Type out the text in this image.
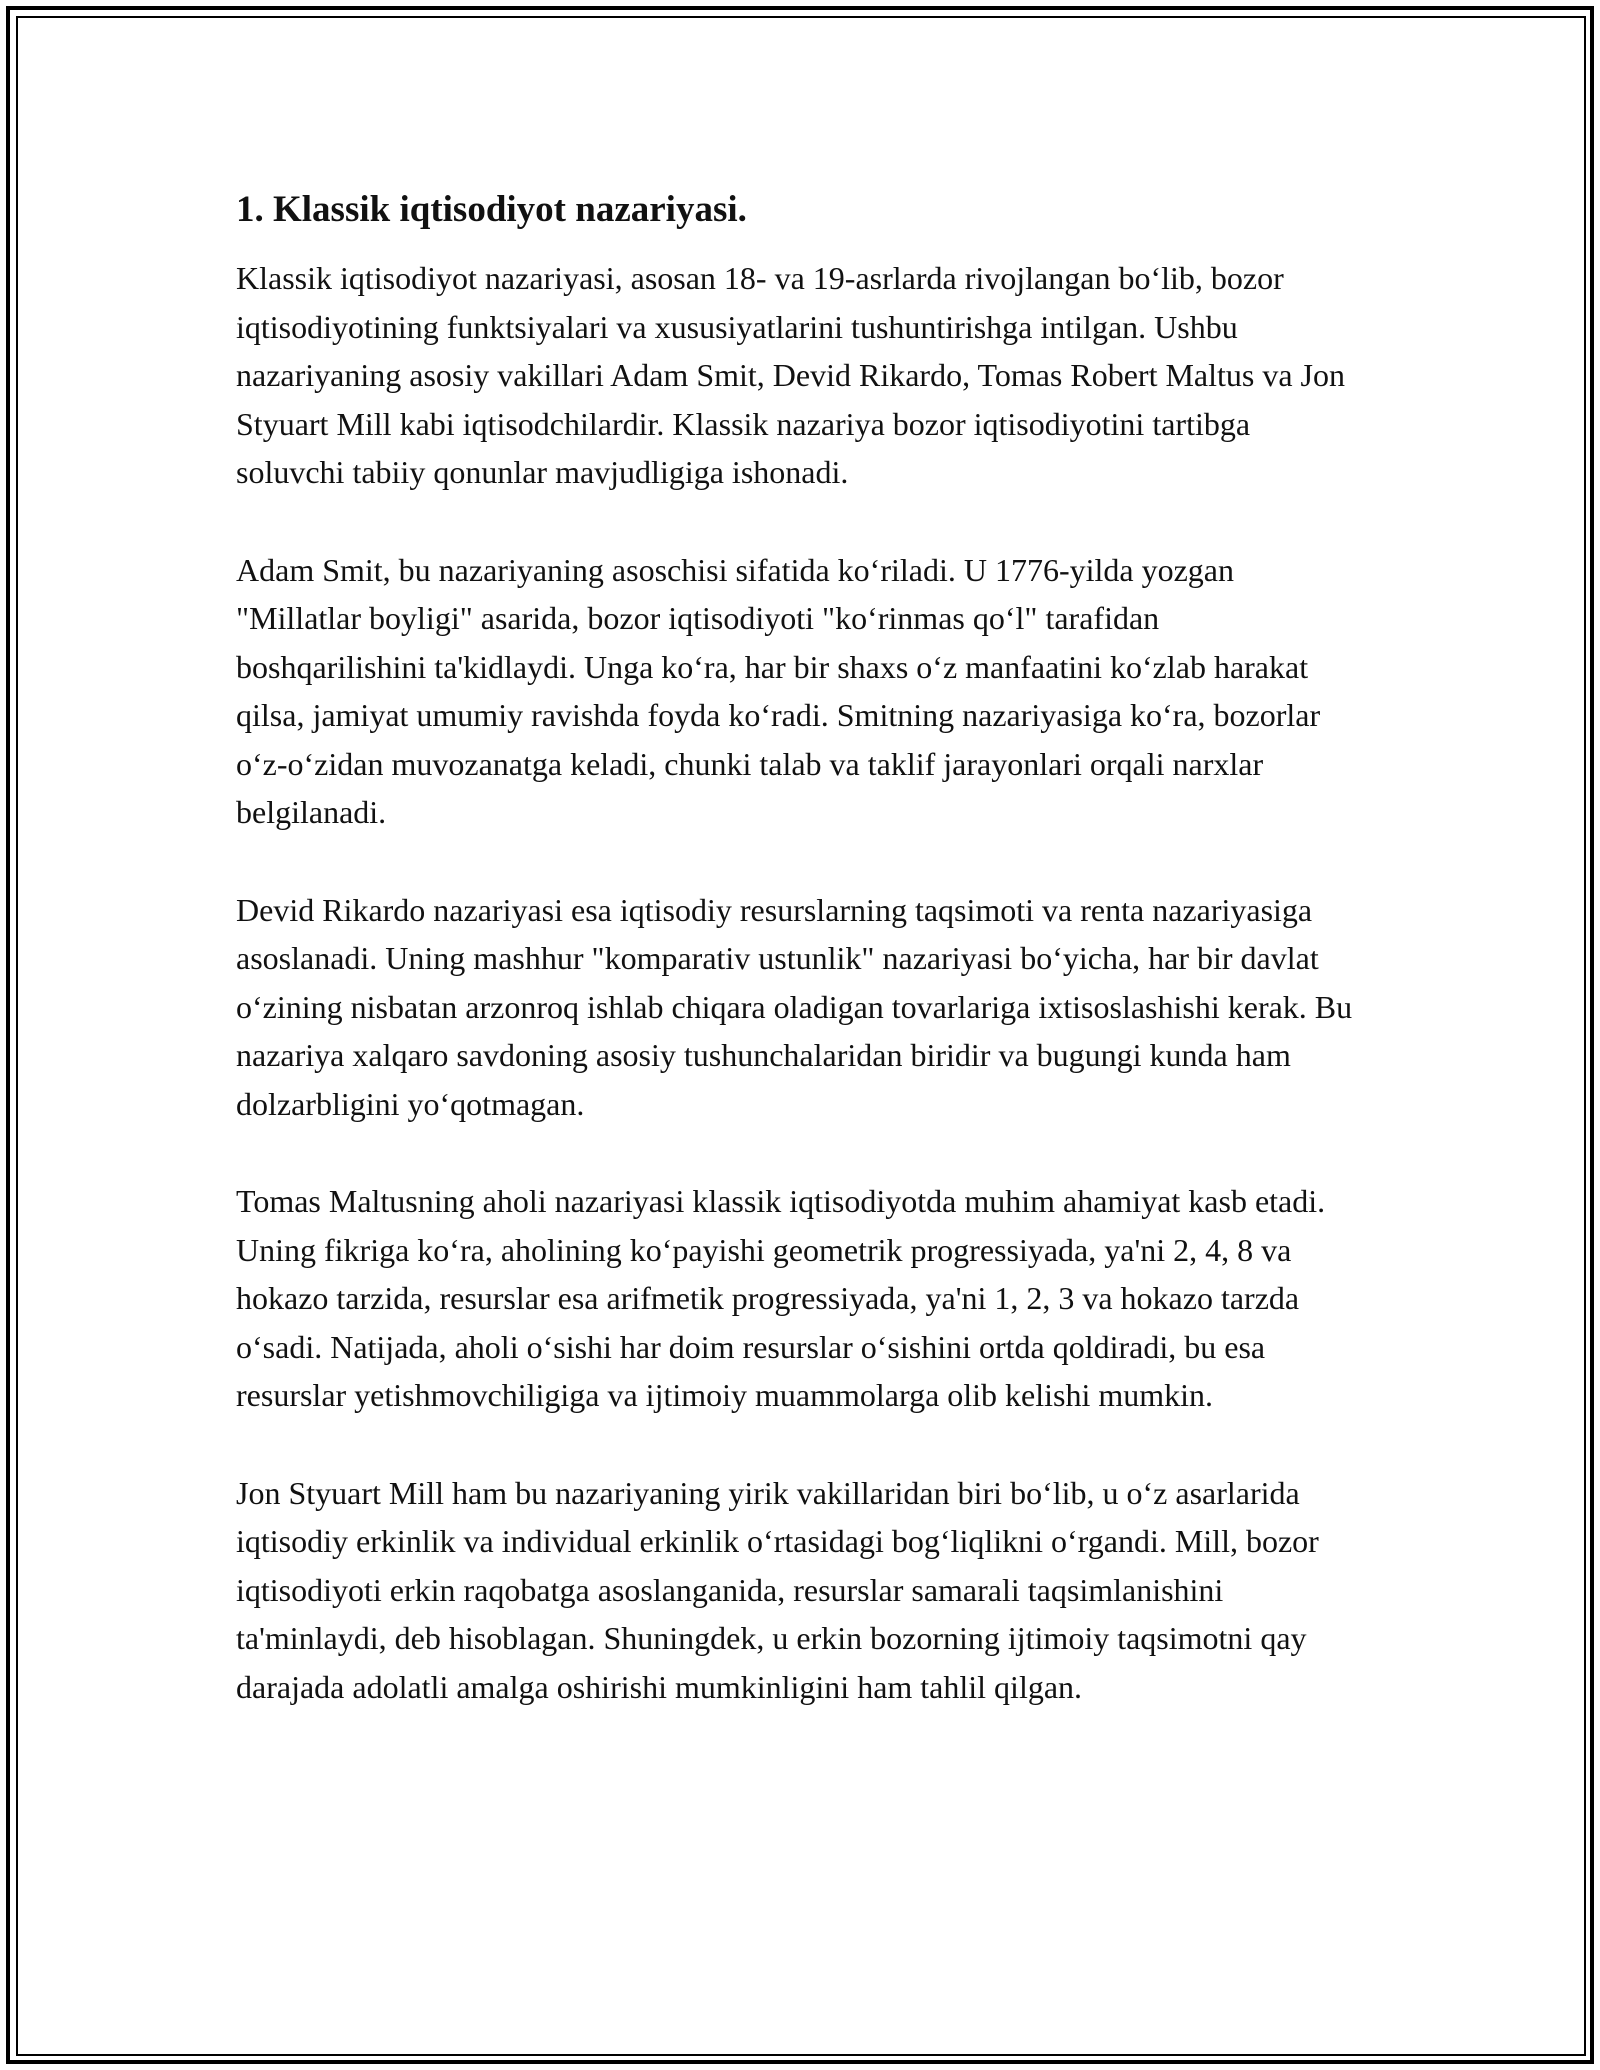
1. Klassik iqtisodiyot nazariyasi.

Klassik iqtisodiyot nazariyasi, asosan 18- va 19-asrlarda rivojlangan boʻlib, bozor iqtisodiyotining funktsiyalari va xususiyatlarini tushuntirishga intilgan. Ushbu nazariyaning asosiy vakillari Adam Smit, Devid Rikardo, Tomas Robert Maltus va Jon Styuart Mill kabi iqtisodchilardir. Klassik nazariya bozor iqtisodiyotini tartibga soluvchi tabiiy qonunlar mavjudligiga ishonadi.

Adam Smit, bu nazariyaning asoschisi sifatida koʻriladi. U 1776-yilda yozgan "Millatlar boyligi" asarida, bozor iqtisodiyoti "koʻrinmas qoʻl" tarafidan boshqarilishini ta'kidlaydi. Unga koʻra, har bir shaxs oʻz manfaatini koʻzlab harakat qilsa, jamiyat umumiy ravishda foyda koʻradi. Smitning nazariyasiga koʻra, bozorlar oʻz-oʻzidan muvozanatga keladi, chunki talab va taklif jarayonlari orqali narxlar belgilanadi.

Devid Rikardo nazariyasi esa iqtisodiy resurslarning taqsimoti va renta nazariyasiga asoslanadi. Uning mashhur "komparativ ustunlik" nazariyasi boʻyicha, har bir davlat oʻzining nisbatan arzonroq ishlab chiqara oladigan tovarlariga ixtisoslashishi kerak. Bu nazariya xalqaro savdoning asosiy tushunchalaridan biridir va bugungi kunda ham dolzarbligini yoʻqotmagan.

Tomas Maltusning aholi nazariyasi klassik iqtisodiyotda muhim ahamiyat kasb etadi. Uning fikriga koʻra, aholining koʻpayishi geometrik progressiyada, ya'ni 2, 4, 8 va hokazo tarzida, resurslar esa arifmetik progressiyada, ya'ni 1, 2, 3 va hokazo tarzda oʻsadi. Natijada, aholi oʻsishi har doim resurslar oʻsishini ortda qoldiradi, bu esa resurslar yetishmovchiligiga va ijtimoiy muammolarga olib kelishi mumkin.

Jon Styuart Mill ham bu nazariyaning yirik vakillaridan biri boʻlib, u oʻz asarlarida iqtisodiy erkinlik va individual erkinlik oʻrtasidagi bogʻliqlikni oʻrgandi. Mill, bozor iqtisodiyoti erkin raqobatga asoslanganida, resurslar samarali taqsimlanishini ta'minlaydi, deb hisoblagan. Shuningdek, u erkin bozorning ijtimoiy taqsimotni qay darajada adolatli amalga oshirishi mumkinligini ham tahlil qilgan.
